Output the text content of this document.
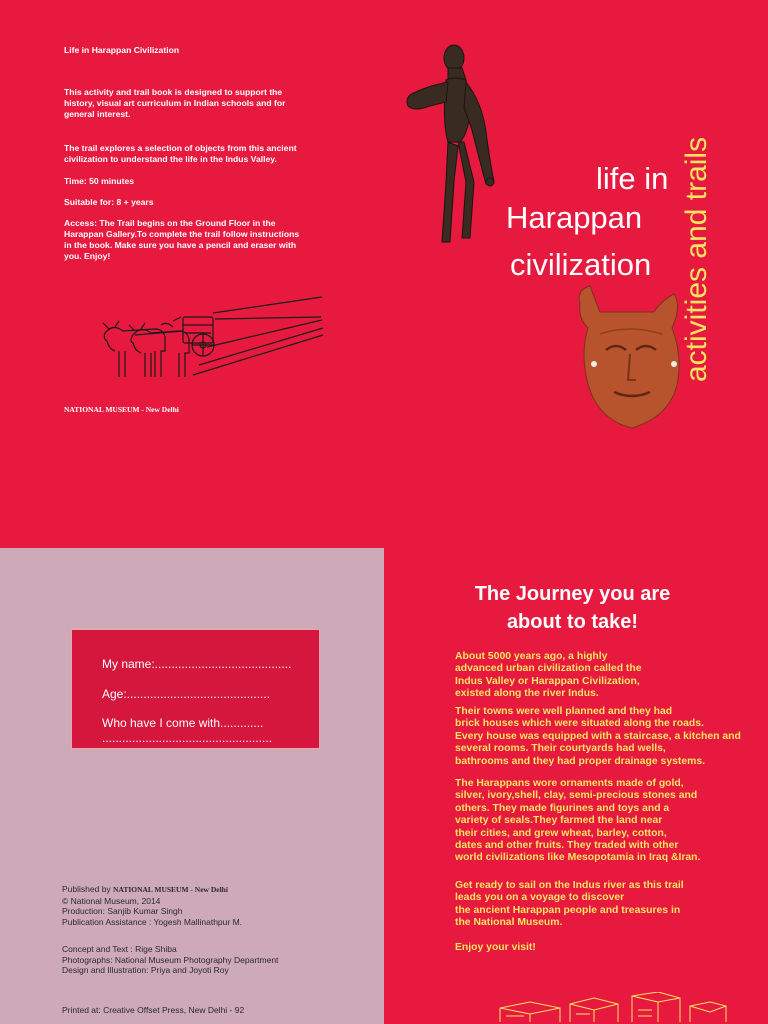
Life in Harappan Civilization

This activity and trail book is designed to support the

history, visual art curriculum in Indian schools and for

general interest.

The trail explores a selection of objects from this ancient

civilization to understand the life in the Indus Valley.

Time: 50 minutes
Suitable for: 8 + years

Access: The Trail begins on the Ground Floor in the

Harappan Gallery.To complete the trail follow instructions

in the book. Make sure you have a pencil and eraser with

you. Enjoy!

NATIONAL MUSEUM - New Delhi
life in
Harappan
civilization activities and trails
My name:.........................................
Age:...........................................
Who have I come with.............
...................................................

Published by NATIONAL MUSEUM - New Delhi

© National Museum, 2014

Production: Sanjib Kumar Singh

Publication Assistance : Yogesh Mallinathpur M.

Concept and Text : Rige Shiba

Photographs: National Museum Photography Department

Design and Illustration: Priya and Joyoti Roy

Printed at: Creative Offset Press, New Delhi - 92
The Journey you are
about to take!

About 5000 years ago, a highly

advanced urban civilization called the

Indus Valley or Harappan Civilization,

existed along the river Indus.

Their towns were well planned and they had

brick houses which were situated along the roads.

Every house was equipped with a staircase, a kitchen and

several rooms. Their courtyards had wells,

bathrooms and they had proper drainage systems.

The Harappans wore ornaments made of gold,

silver, ivory,shell, clay, semi-precious stones and

others. They made figurines and toys and a

variety of seals.They farmed the land near

their cities, and grew wheat, barley, cotton,

dates and other fruits. They traded with other

world civilizations like Mesopotamia in Iraq &Iran.

Get ready to sail on the Indus river as this trail

leads you on a voyage to discover

the ancient Harappan people and treasures in

the National Museum.

Enjoy your visit!
